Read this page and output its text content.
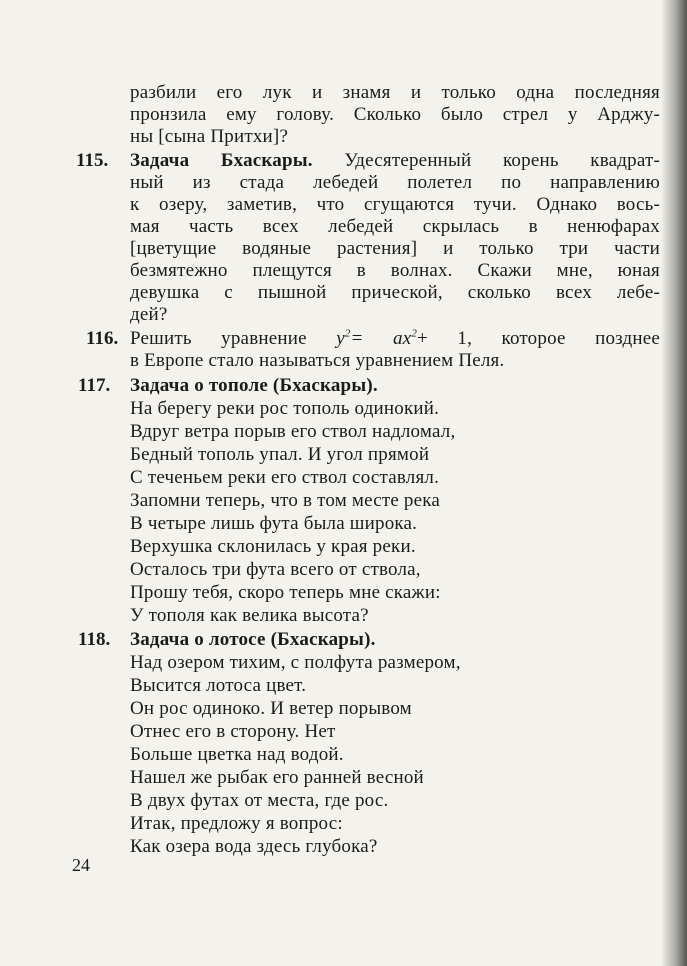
разбили его лук и знамя и только одна последняя
пронзила ему голову. Сколько было стрел у Арджу-
ны [сына Притхи]?
115. Задача Бхаскары. Удесятеренный корень квадрат-
ный из стада лебедей полетел по направлению
к озеру, заметив, что сгущаются тучи. Однако вось-
мая часть всех лебедей скрылась в ненюфарах
[цветущие водяные растения] и только три части
безмятежно плещутся в волнах. Скажи мне, юная
девушка с пышной прической, сколько всех лебе-
дей?
116. Решить уравнение $y^2= ax^2+ 1$, которое позднее
в Европе стало называться уравнением Пеля.
117. Задача о тополе (Бхаскары).
На берегу реки рос тополь одинокий.
Вдруг ветра порыв его ствол надломал,
Бедный тополь упал. И угол прямой
С теченьем реки его ствол составлял.
Запомни теперь, что в том месте река
В четыре лишь фута была широка.
Верхушка склонилась у края реки.
Осталось три фута всего от ствола,
Прошу тебя, скоро теперь мне скажи:
У тополя как велика высота?
118. Задача о лотосе (Бхаскары).
Над озером тихим, с полфута размером,
Высится лотоса цвет.
Он рос одиноко. И ветер порывом
Отнес его в сторону. Нет
Больше цветка над водой.
Нашел же рыбак его ранней весной
В двух футах от места, где рос.
Итак, предложу я вопрос:
Как озера вода здесь глубока?
24
